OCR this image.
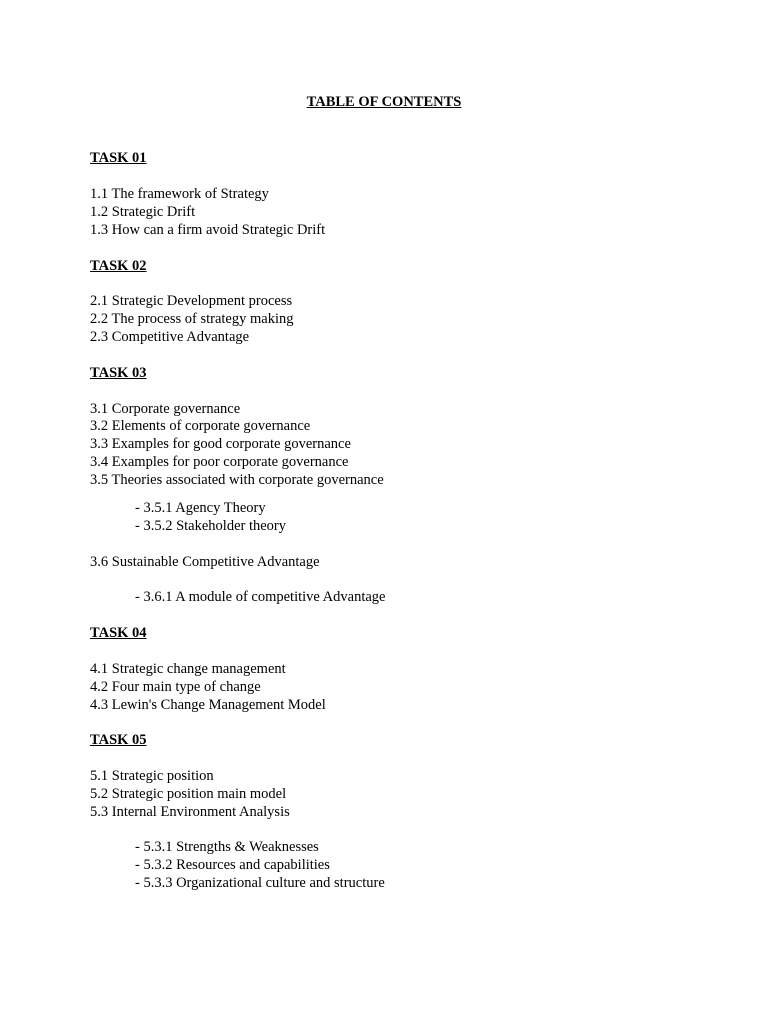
TABLE OF CONTENTS
TASK 01
1.1 The framework of Strategy
1.2 Strategic Drift
1.3 How can a firm avoid Strategic Drift
TASK 02
2.1 Strategic Development process
2.2 The process of strategy making
2.3 Competitive Advantage
TASK 03
3.1 Corporate governance
3.2 Elements of corporate governance
3.3 Examples for good corporate governance
3.4 Examples for poor corporate governance
3.5 Theories associated with corporate governance
- 3.5.1 Agency Theory
- 3.5.2 Stakeholder theory
3.6 Sustainable Competitive Advantage
- 3.6.1 A module of competitive Advantage
TASK 04
4.1 Strategic change management
4.2 Four main type of change
4.3 Lewin's Change Management Model
TASK 05
5.1 Strategic position
5.2 Strategic position main model
5.3 Internal Environment Analysis
- 5.3.1 Strengths & Weaknesses
- 5.3.2 Resources and capabilities
- 5.3.3 Organizational culture and structure
